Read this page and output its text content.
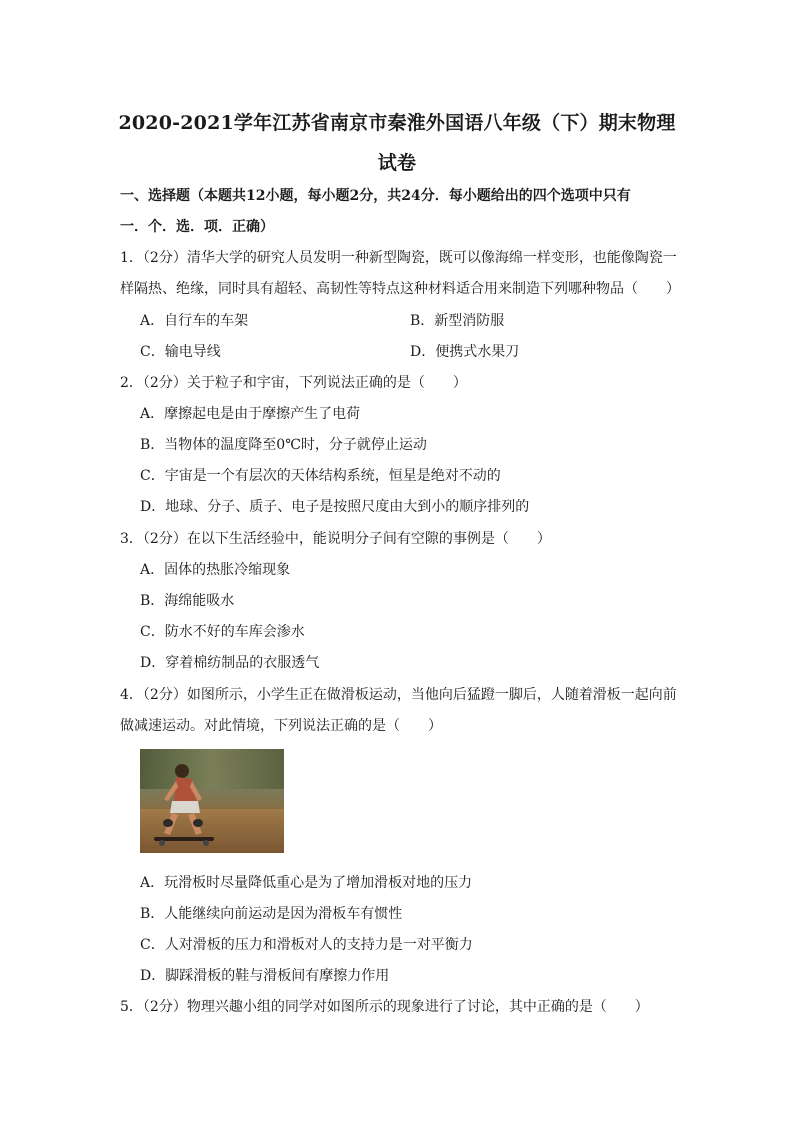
2020-2021学年江苏省南京市秦淮外国语八年级（下）期末物理
试卷
一、选择题（本题共12小题，每小题2分，共24分．每小题给出的四个选项中只有
一．个．选．项．正确）
1．（2分）清华大学的研究人员发明一种新型陶瓷，既可以像海绵一样变形，也能像陶瓷一
样隔热、绝缘，同时具有超轻、高韧性等特点这种材料适合用来制造下列哪种物品（　　）
A．自行车的车架	B．新型消防服
C．输电导线	D．便携式水果刀
2．（2分）关于粒子和宇宙，下列说法正确的是（　　）
A．摩擦起电是由于摩擦产生了电荷
B．当物体的温度降至0℃时，分子就停止运动
C．宇宙是一个有层次的天体结构系统，恒星是绝对不动的
D．地球、分子、质子、电子是按照尺度由大到小的顺序排列的
3．（2分）在以下生活经验中，能说明分子间有空隙的事例是（　　）
A．固体的热胀冷缩现象
B．海绵能吸水
C．防水不好的车库会渗水
D．穿着棉纺制品的衣服透气
4．（2分）如图所示，小学生正在做滑板运动，当他向后猛蹬一脚后，人随着滑板一起向前
做减速运动。对此情境，下列说法正确的是（　　）
A．玩滑板时尽量降低重心是为了增加滑板对地的压力
B．人能继续向前运动是因为滑板车有惯性
C．人对滑板的压力和滑板对人的支持力是一对平衡力
D．脚踩滑板的鞋与滑板间有摩擦力作用
5．（2分）物理兴趣小组的同学对如图所示的现象进行了讨论，其中正确的是（　　）
